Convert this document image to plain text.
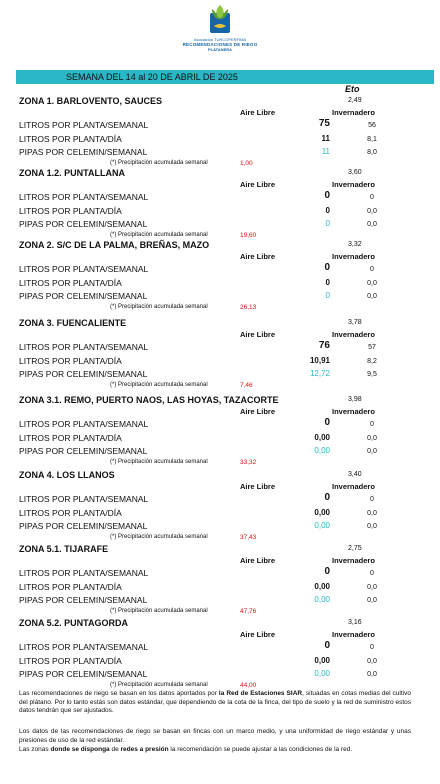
Asociación TURCOPERFIMA
RECOMENDACIONES DE RIEGO
PLATANERA
SEMANA DEL 14 al 20 DE ABRIL DE 2025
Eto
ZONA 1. BARLOVENTO, SAUCES	2,49
Aire Libre	Invernadero
LITROS POR PLANTA/SEMANAL	75	56
LITROS POR PLANTA/DÍA	11	8,1
PIPAS POR CELEMIN/SEMANAL	11	8,0
(*) Precipitación acumulada semanal	1,00
ZONA 1.2. PUNTALLANA	3,60
Aire Libre	Invernadero
LITROS POR PLANTA/SEMANAL	0	0
LITROS POR PLANTA/DÍA	0	0,0
PIPAS POR CELEMIN/SEMANAL	0	0,0
(*) Precipitación acumulada semanal	19,60
ZONA 2. S/C DE LA PALMA, BREÑAS, MAZO	3,32
Aire Libre	Invernadero
LITROS POR PLANTA/SEMANAL	0	0
LITROS POR PLANTA/DÍA	0	0,0
PIPAS POR CELEMIN/SEMANAL	0	0,0
(*) Precipitación acumulada semanal	26,13
ZONA 3. FUENCALIENTE	3,78
Aire Libre	Invernadero
LITROS POR PLANTA/SEMANAL	76	57
LITROS POR PLANTA/DÍA	10,91	8,2
PIPAS POR CELEMIN/SEMANAL	12,72	9,5
(*) Precipitación acumulada semanal	7,46
ZONA 3.1. REMO, PUERTO NAOS, LAS HOYAS, TAZACORTE	3,98
Aire Libre	Invernadero
LITROS POR PLANTA/SEMANAL	0	0
LITROS POR PLANTA/DÍA	0,00	0,0
PIPAS POR CELEMIN/SEMANAL	0,00	0,0
(*) Precipitación acumulada semanal	33,32
ZONA 4. LOS LLANOS	3,40
Aire Libre	Invernadero
LITROS POR PLANTA/SEMANAL	0	0
LITROS POR PLANTA/DÍA	0,00	0,0
PIPAS POR CELEMIN/SEMANAL	0,00	0,0
(*) Precipitación acumulada semanal	37,43
ZONA 5.1. TIJARAFE	2,75
Aire Libre	Invernadero
LITROS POR PLANTA/SEMANAL	0	0
LITROS POR PLANTA/DÍA	0,00	0,0
PIPAS POR CELEMIN/SEMANAL	0,00	0,0
(*) Precipitación acumulada semanal	47,76
ZONA 5.2. PUNTAGORDA	3,16
Aire Libre	Invernadero
LITROS POR PLANTA/SEMANAL	0	0
LITROS POR PLANTA/DÍA	0,00	0,0
PIPAS POR CELEMIN/SEMANAL	0,00	0,0
(*) Precipitación acumulada semanal	44,00
Las recomendaciones de riego se basan en los datos aportados por la Red de Estaciones SIAR, situadas en cotas medias del cultivo del plátano. Por lo tanto estás son datos estándar, que dependiendo de la cota de la finca, del tipo de suelo y la red de suministro estos datos tendrán que ser ajustados.
Los datos de las recomendaciones de riego se basan en fincas con un marco medio, y una uniformidad de riego estándar y unas presiones de uso de la red estándar.
Las zonas donde se disponga de redes a presión la recomendación se puede ajustar a las condiciones de la red.
